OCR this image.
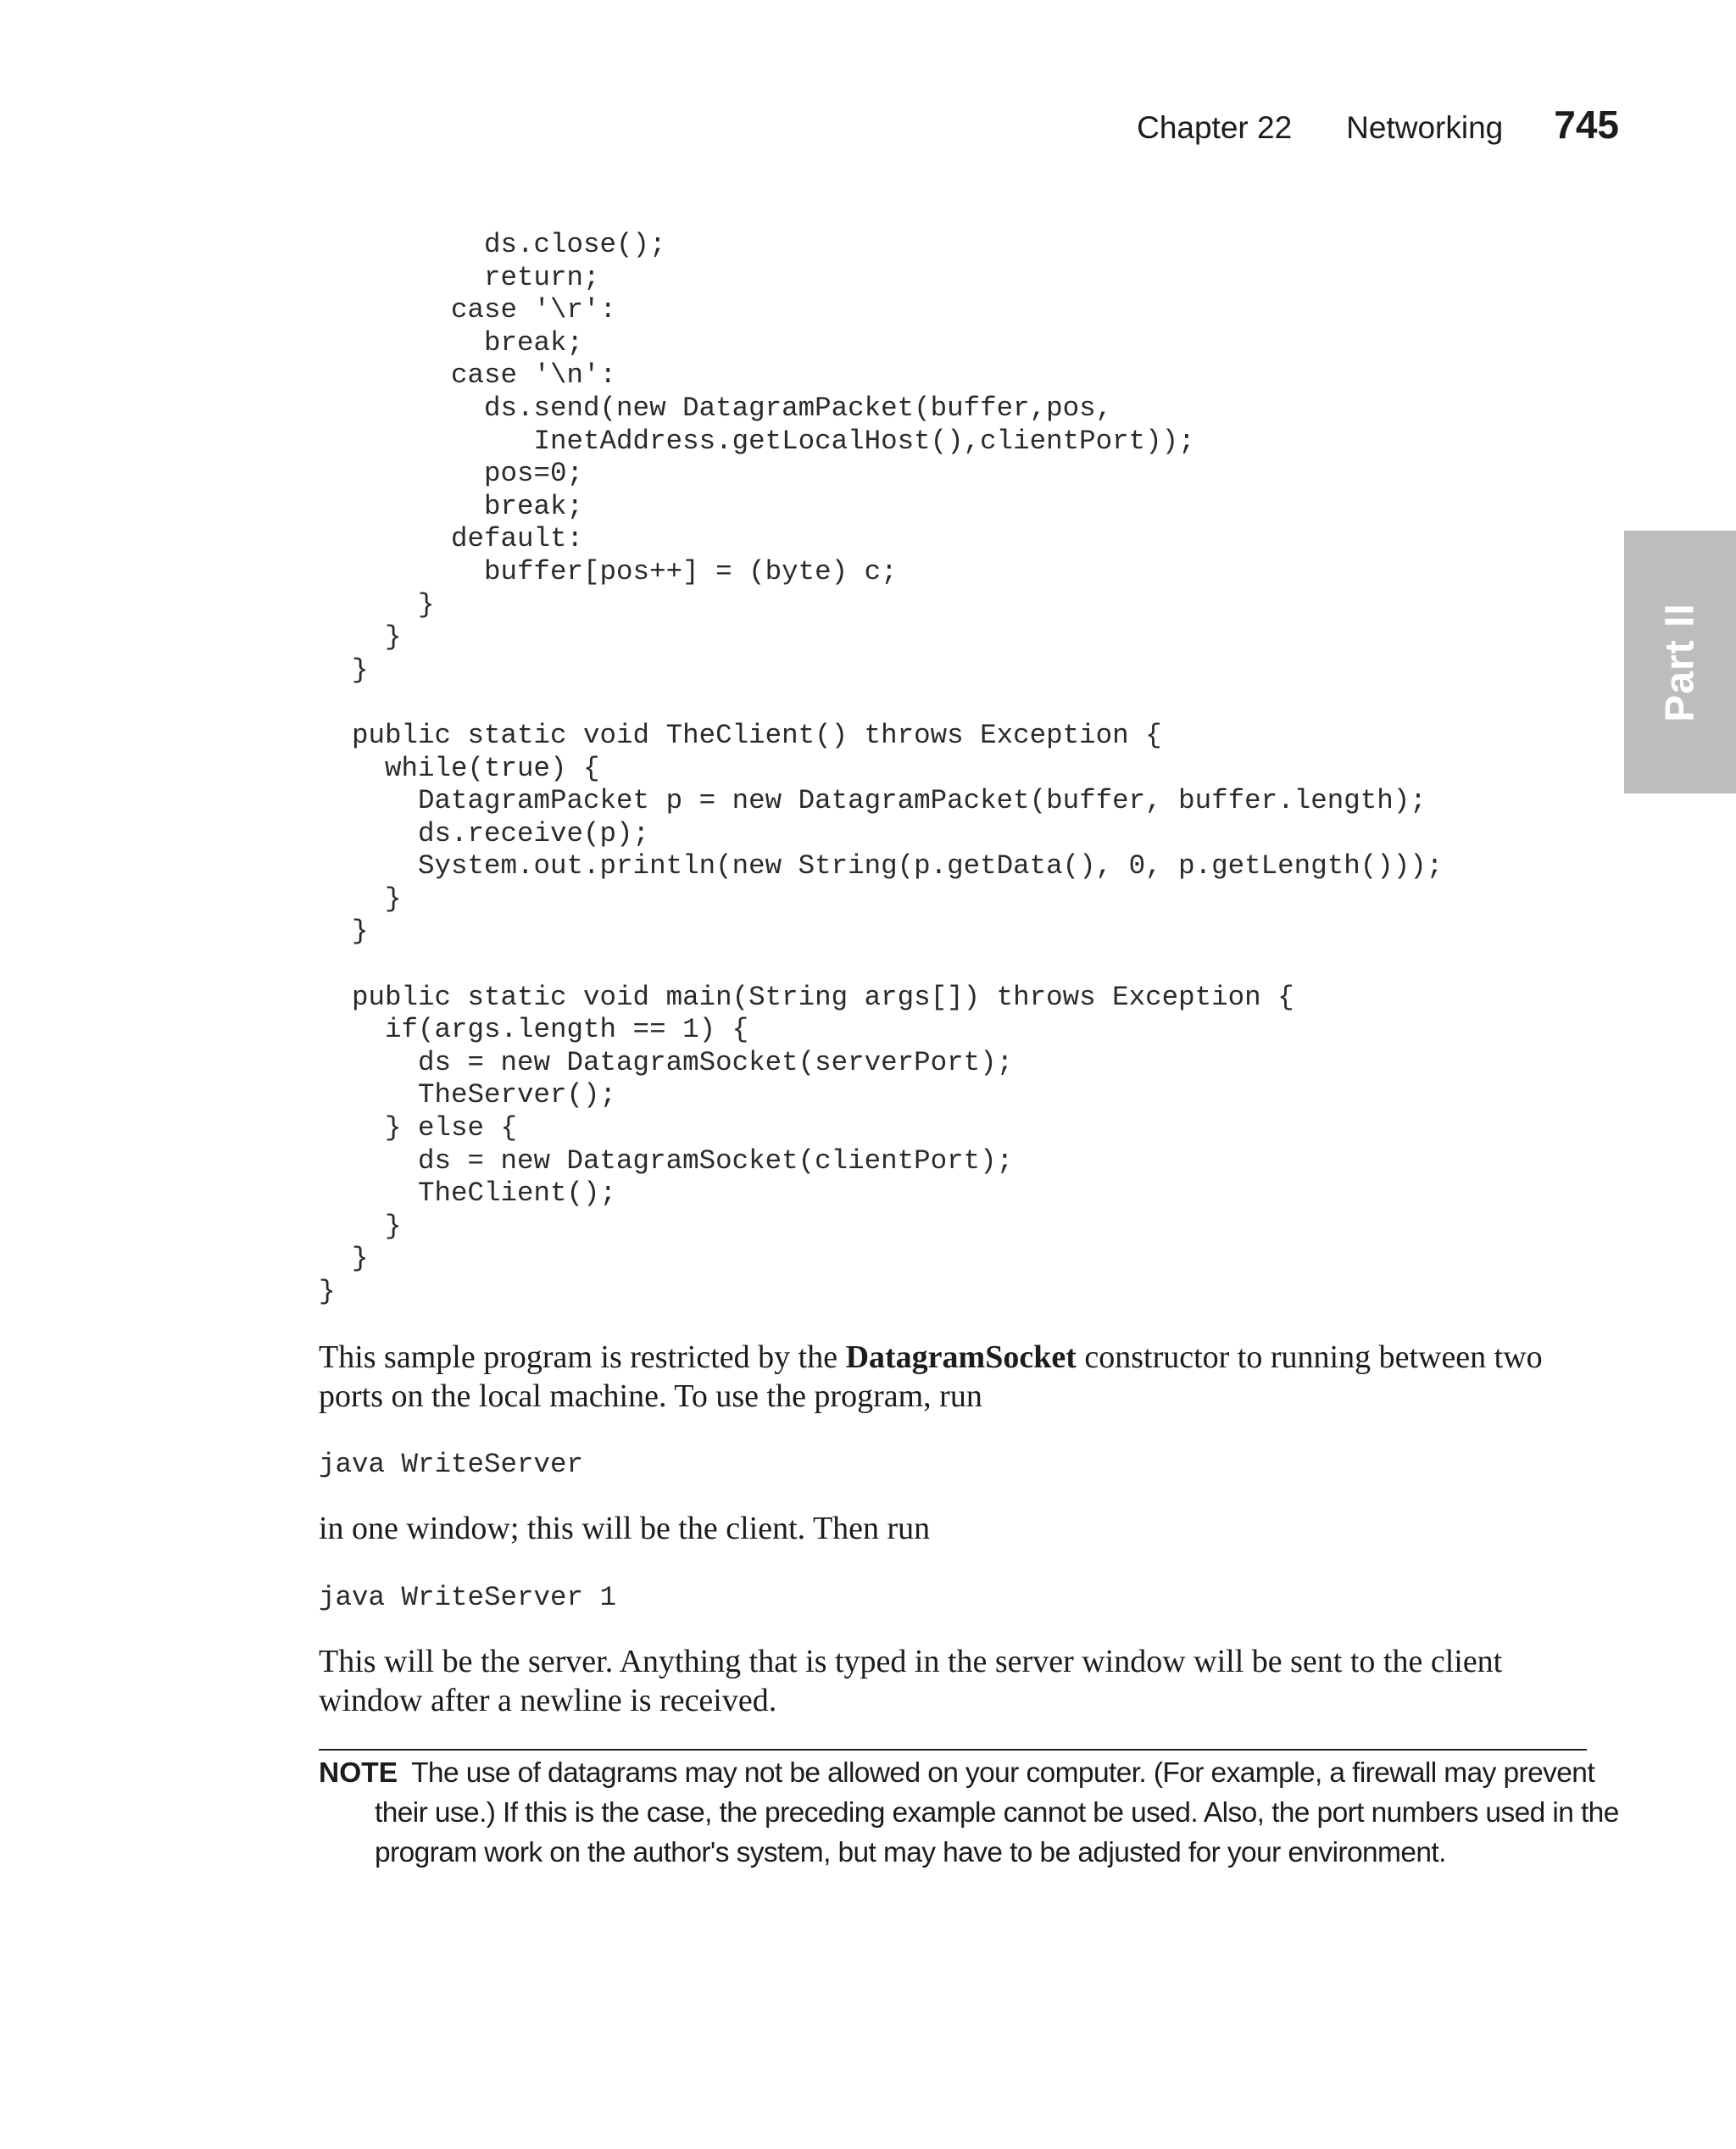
Chapter 22 Networking 745
Part II
ds.close();
return;
case '\r':
break;
case '\n':
ds.send(new DatagramPacket(buffer,pos,
InetAddress.getLocalHost(),clientPort));
pos=0;
break;
default:
buffer[pos++] = (byte) c;
}
}
}

public static void TheClient() throws Exception {
while(true) {
DatagramPacket p = new DatagramPacket(buffer, buffer.length);
ds.receive(p);
System.out.println(new String(p.getData(), 0, p.getLength()));
}
}

public static void main(String args[]) throws Exception {
if(args.length == 1) {
ds = new DatagramSocket(serverPort);
TheServer();
} else {
ds = new DatagramSocket(clientPort);
TheClient();
}
}
}

This sample program is restricted by the DatagramSocket constructor to running between two ports on the local machine. To use the program, run

java WriteServer

in one window; this will be the client. Then run

java WriteServer 1

This will be the server. Anything that is typed in the server window will be sent to the client window after a newline is received.

NOTE The use of datagrams may not be allowed on your computer. (For example, a firewall may prevent their use.) If this is the case, the preceding example cannot be used. Also, the port numbers used in the program work on the author's system, but may have to be adjusted for your environment.
